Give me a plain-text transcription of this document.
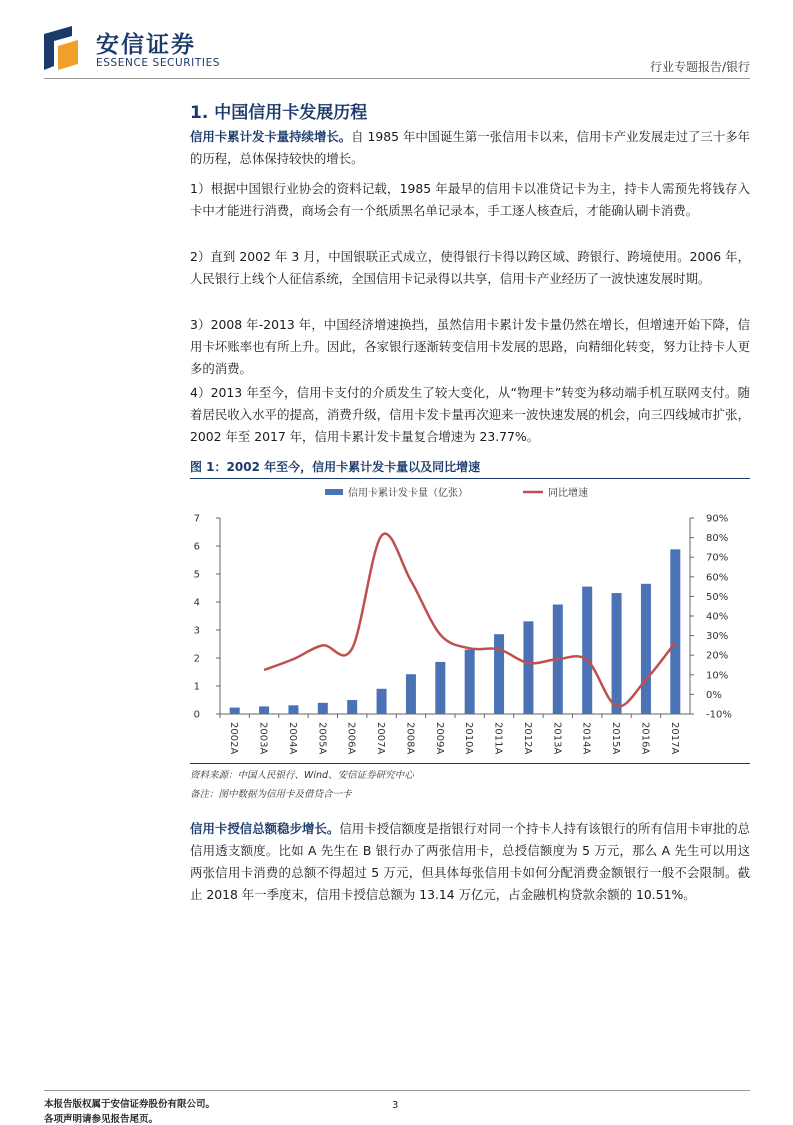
安信证券
ESSENCE SECURITIES	行业专题报告/银行
1. 中国信用卡发展历程
信用卡累计发卡量持续增长。自 1985 年中国诞生第一张信用卡以来，信用卡产业发展走过了三十多年的历程，总体保持较快的增长。
1）根据中国银行业协会的资料记载，1985 年最早的信用卡以准贷记卡为主，持卡人需预先将钱存入卡中才能进行消费，商场会有一个纸质黑名单记录本，手工逐人核查后，才能确认刷卡消费。
2）直到 2002 年 3 月，中国银联正式成立，使得银行卡得以跨区域、跨银行、跨境使用。2006 年，人民银行上线个人征信系统，全国信用卡记录得以共享，信用卡产业经历了一波快速发展时期。
3）2008 年-2013 年，中国经济增速换挡，虽然信用卡累计发卡量仍然在增长，但增速开始下降，信用卡坏账率也有所上升。因此，各家银行逐渐转变信用卡发展的思路，向精细化转变，努力让持卡人更多的消费。
4）2013 年至今，信用卡支付的介质发生了较大变化，从“物理卡”转变为移动端手机互联网支付。随着居民收入水平的提高，消费升级，信用卡发卡量再次迎来一波快速发展的机会，向三四线城市扩张，2002 年至 2017 年，信用卡累计发卡量复合增速为 23.77%。
图 1：2002 年至今，信用卡累计发卡量以及同比增速
信用卡累计发卡量（亿张）	同比增速
0
1
2
3
4
5
6
7
-10%
0%
10%
20%
30%
40%
50%
60%
70%
80%
90%
2002A 2003A 2004A 2005A 2006A 2007A 2008A 2009A 2010A 2011A 2012A 2013A 2014A 2015A 2016A 2017A
资料来源：中国人民银行、Wind、安信证券研究中心
备注：图中数据为信用卡及借贷合一卡
信用卡授信总额稳步增长。信用卡授信额度是指银行对同一个持卡人持有该银行的所有信用卡审批的总信用透支额度。比如 A 先生在 B 银行办了两张信用卡，总授信额度为 5 万元，那么 A 先生可以用这两张信用卡消费的总额不得超过 5 万元，但具体每张信用卡如何分配消费金额银行一般不会限制。截止 2018 年一季度末，信用卡授信总额为 13.14 万亿元，占金融机构贷款余额的 10.51%。
本报告版权属于安信证券股份有限公司。
各项声明请参见报告尾页。
3
